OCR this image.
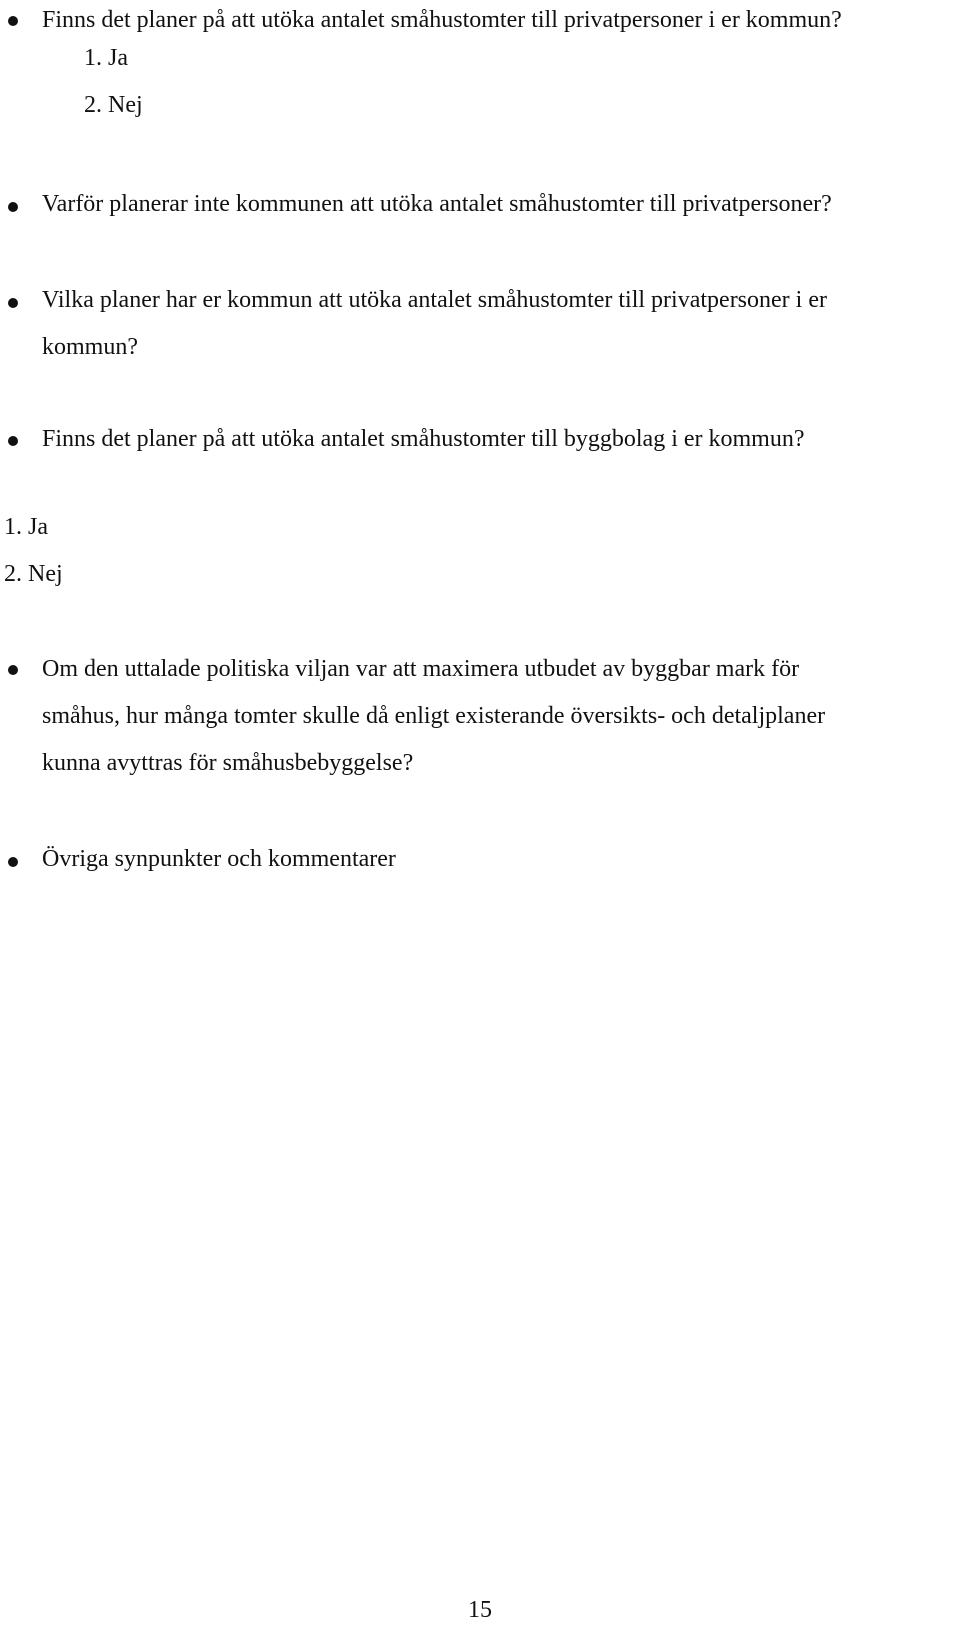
Finns det planer på att utöka antalet småhustomter till privatpersoner i er kommun?
1. Ja
2. Nej
Varför planerar inte kommunen att utöka antalet småhustomter till privatpersoner?
Vilka planer har er kommun att utöka antalet småhustomter till privatpersoner i er
kommun?
Finns det planer på att utöka antalet småhustomter till byggbolag i er kommun?
1. Ja
2. Nej
Om den uttalade politiska viljan var att maximera utbudet av byggbar mark för
småhus, hur många tomter skulle då enligt existerande översikts- och detaljplaner
kunna avyttras för småhusbebyggelse?
Övriga synpunkter och kommentarer
15
